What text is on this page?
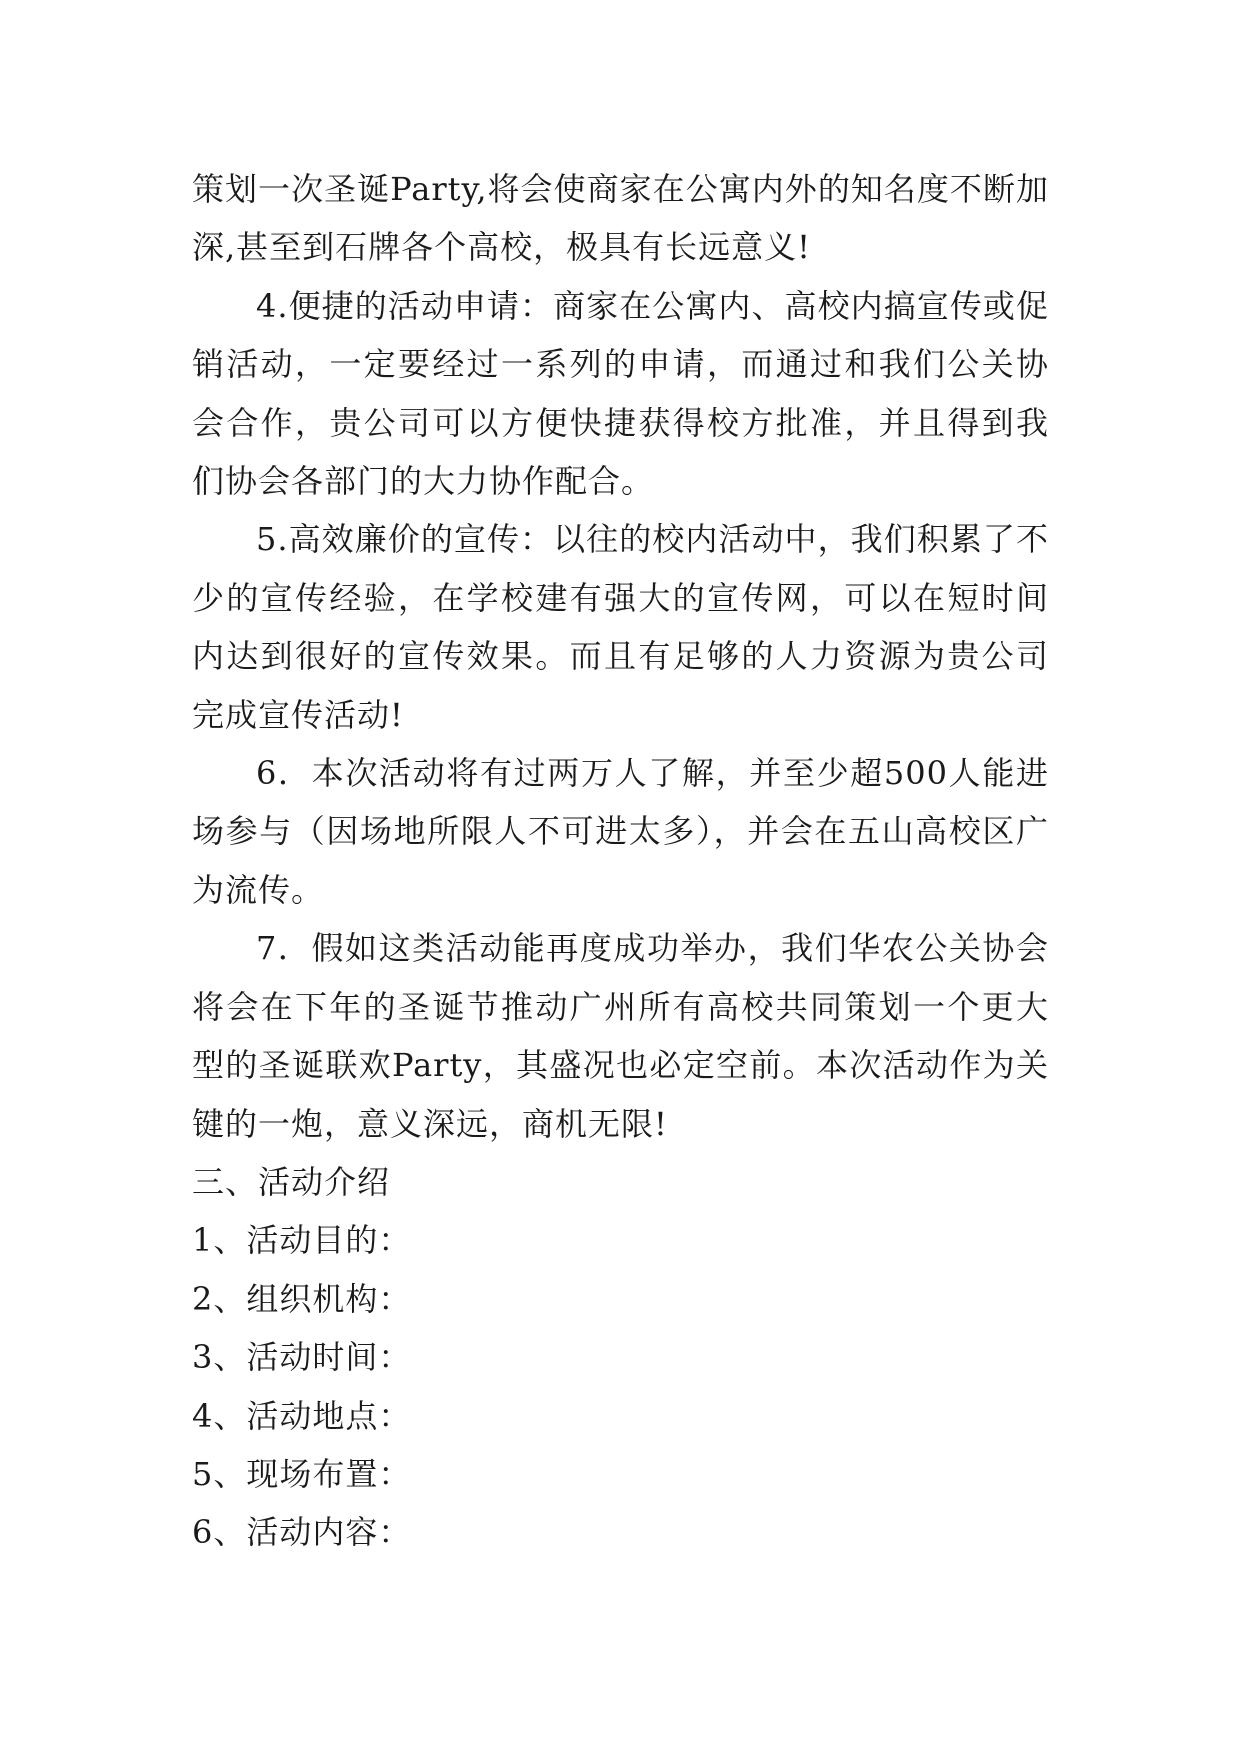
策划一次圣诞Party,将会使商家在公寓内外的知名度不断加深,甚至到石牌各个高校，极具有长远意义!

4.便捷的活动申请：商家在公寓内、高校内搞宣传或促销活动，一定要经过一系列的申请，而通过和我们公关协会合作，贵公司可以方便快捷获得校方批准，并且得到我们协会各部门的大力协作配合。

5.高效廉价的宣传：以往的校内活动中，我们积累了不少的宣传经验，在学校建有强大的宣传网，可以在短时间内达到很好的宣传效果。而且有足够的人力资源为贵公司完成宣传活动!

6．本次活动将有过两万人了解，并至少超500人能进场参与（因场地所限人不可进太多），并会在五山高校区广为流传。

7．假如这类活动能再度成功举办，我们华农公关协会将会在下年的圣诞节推动广州所有高校共同策划一个更大型的圣诞联欢Party，其盛况也必定空前。本次活动作为关键的一炮，意义深远，商机无限!

三、活动介绍

1、活动目的：

2、组织机构：

3、活动时间：

4、活动地点：

5、现场布置：

6、活动内容：
